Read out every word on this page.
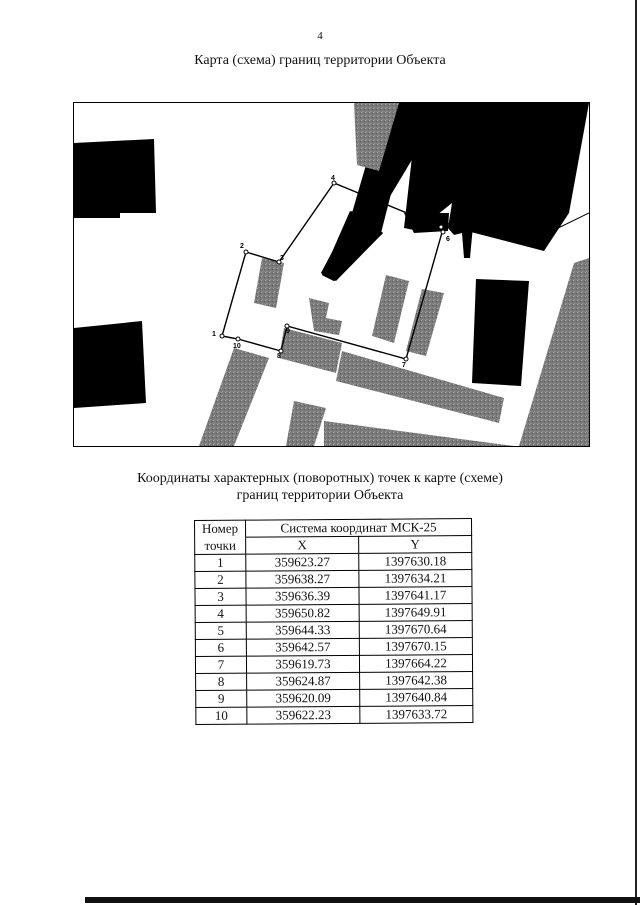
4
Карта (схема) границ территории Объекта
1
2
3
4
5
6
7
8
9
10
Координаты характерных (поворотных) точек к карте (схеме)
границ территории Объекта
Номер	Система координат МСК-25	
точки	X	Y
1	359623.27	1397630.18
2	359638.27	1397634.21
3	359636.39	1397641.17
4	359650.82	1397649.91
5	359644.33	1397670.64
6	359642.57	1397670.15
7	359619.73	1397664.22
8	359624.87	1397642.38
9	359620.09	1397640.84
10	359622.23	1397633.72
